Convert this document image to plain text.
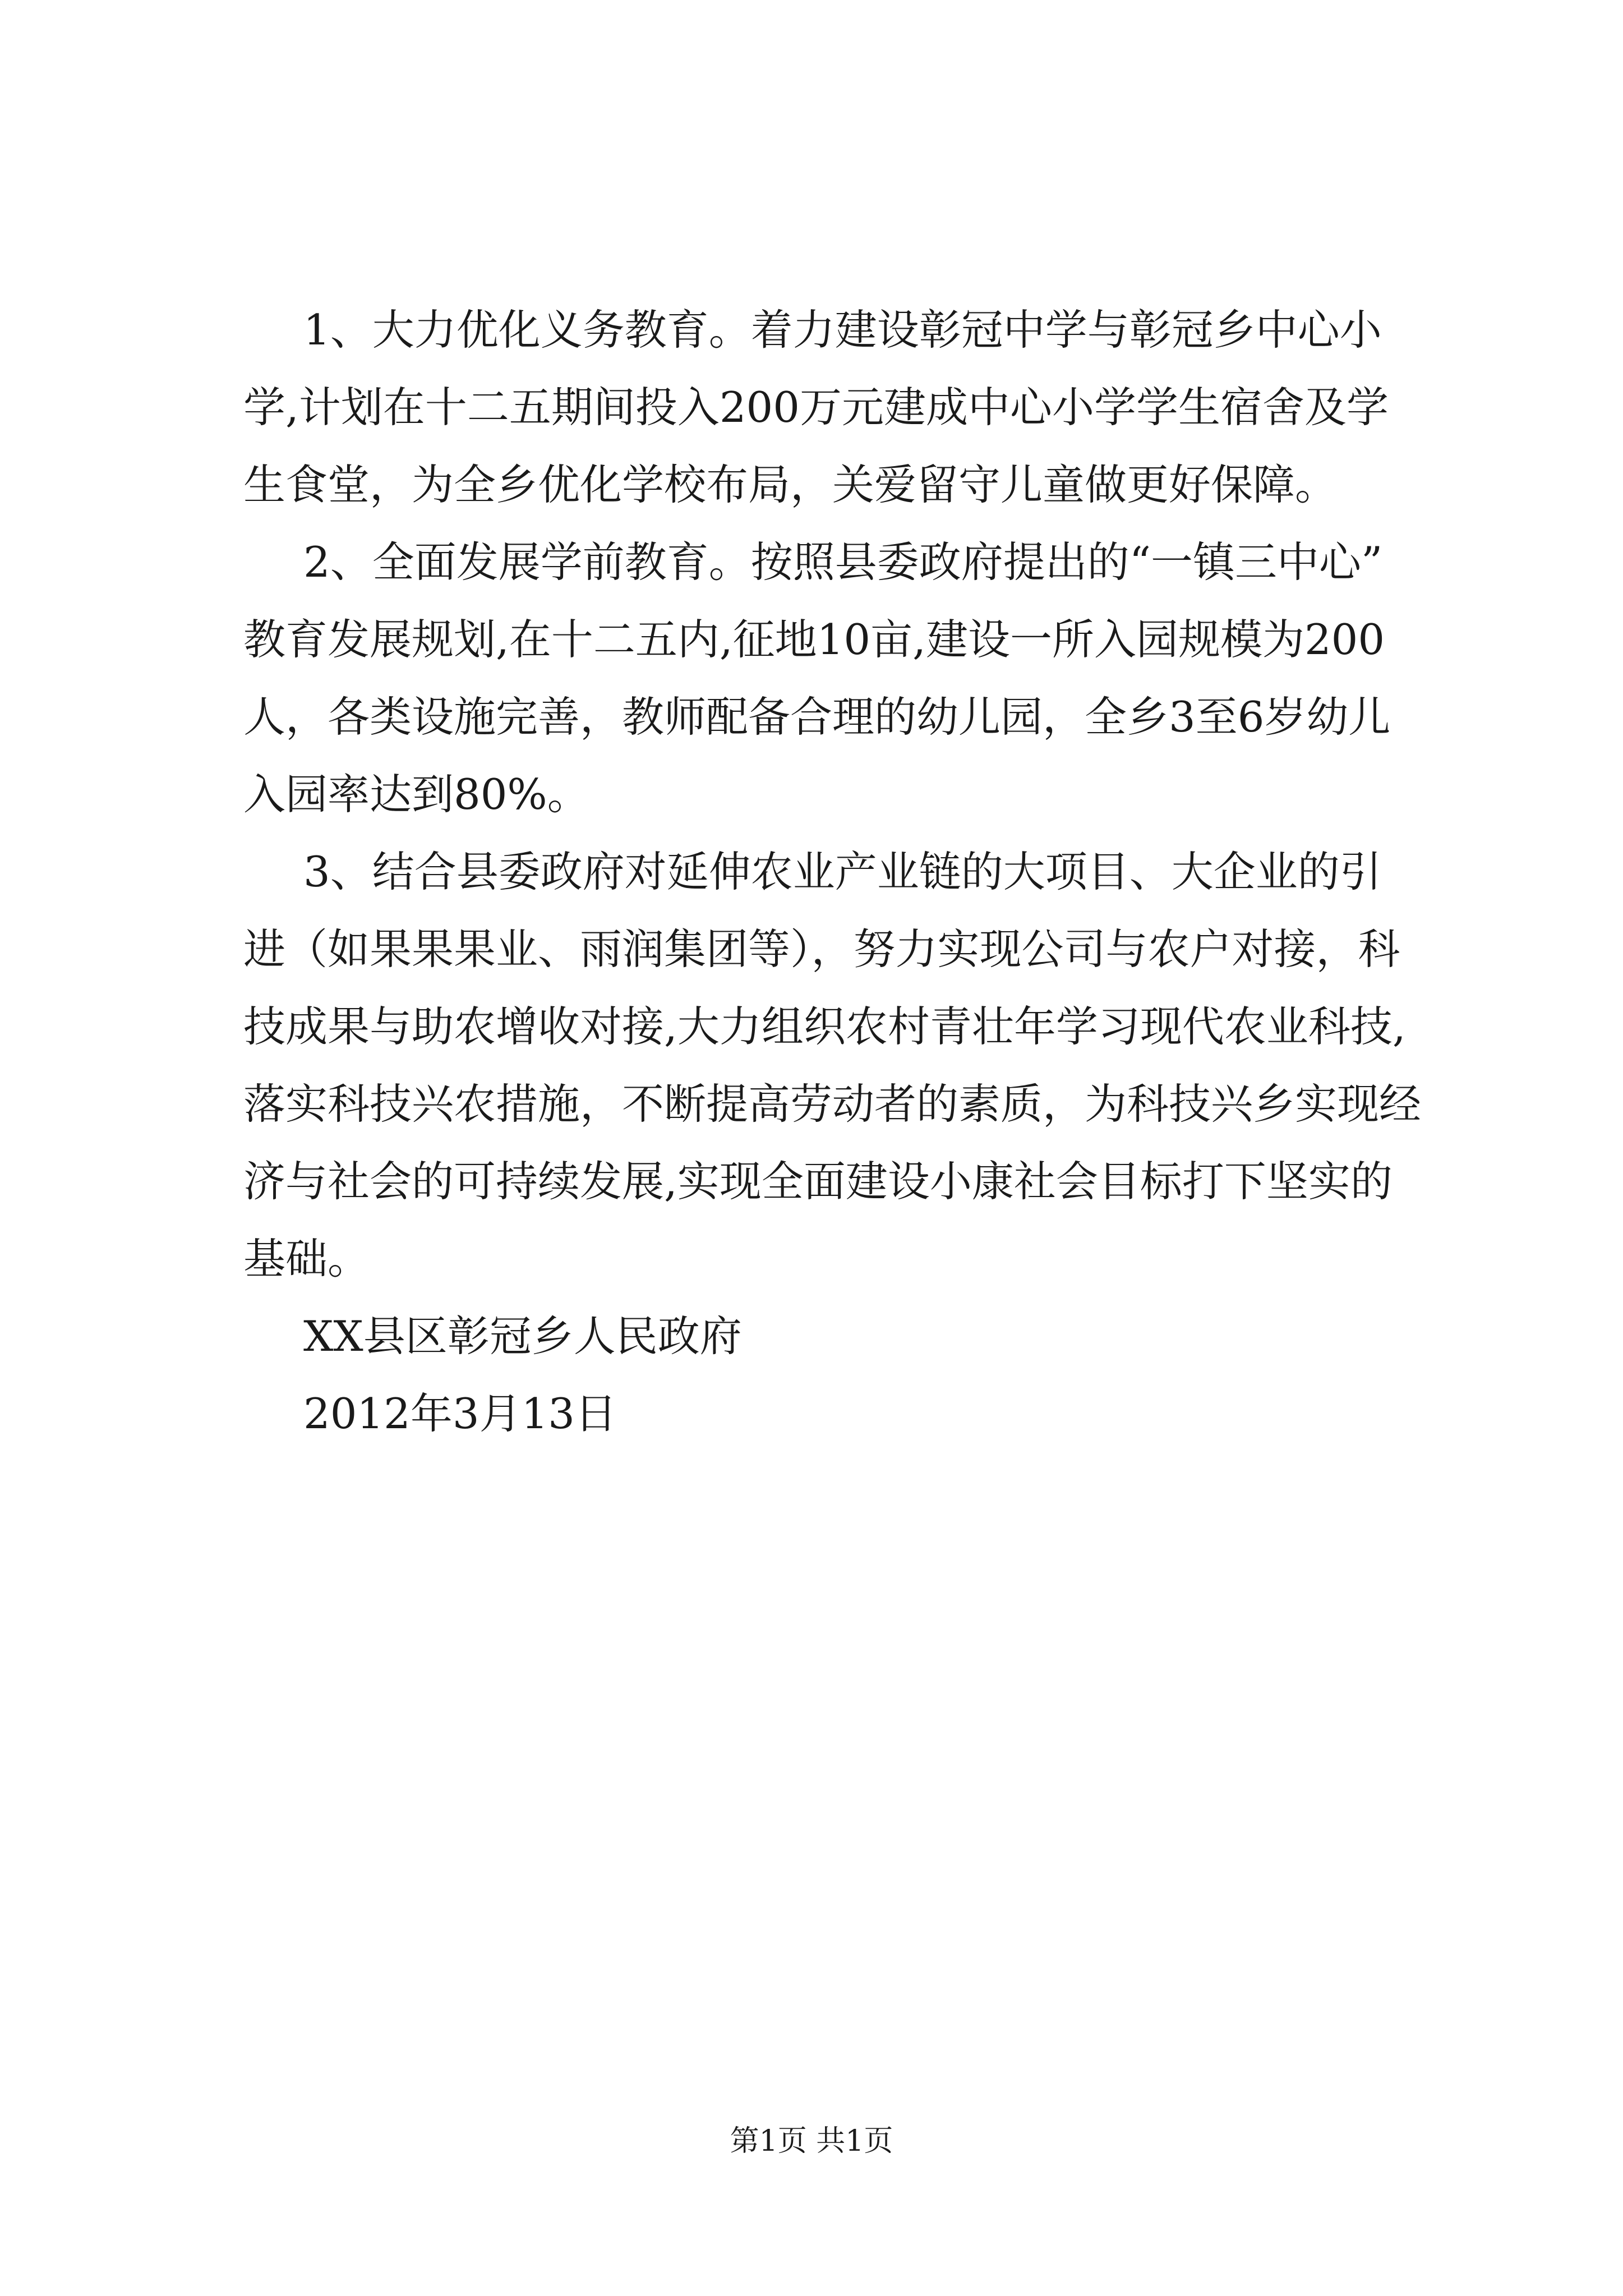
1、大力优化义务教育。着力建设彰冠中学与彰冠乡中心小
学,计划在十二五期间投入200万元建成中心小学学生宿舍及学
生食堂，为全乡优化学校布局，关爱留守儿童做更好保障。
2、全面发展学前教育。按照县委政府提出的“一镇三中心”
教育发展规划,在十二五内,征地10亩,建设一所入园规模为200
人，各类设施完善，教师配备合理的幼儿园，全乡3至6岁幼儿
入园率达到80%。
3、结合县委政府对延伸农业产业链的大项目、大企业的引
进（如果果果业、雨润集团等），努力实现公司与农户对接，科
技成果与助农增收对接,大力组织农村青壮年学习现代农业科技,
落实科技兴农措施，不断提高劳动者的素质，为科技兴乡实现经
济与社会的可持续发展,实现全面建设小康社会目标打下坚实的
基础。
XX县区彰冠乡人民政府
2012年3月13日
第1页 共1页
